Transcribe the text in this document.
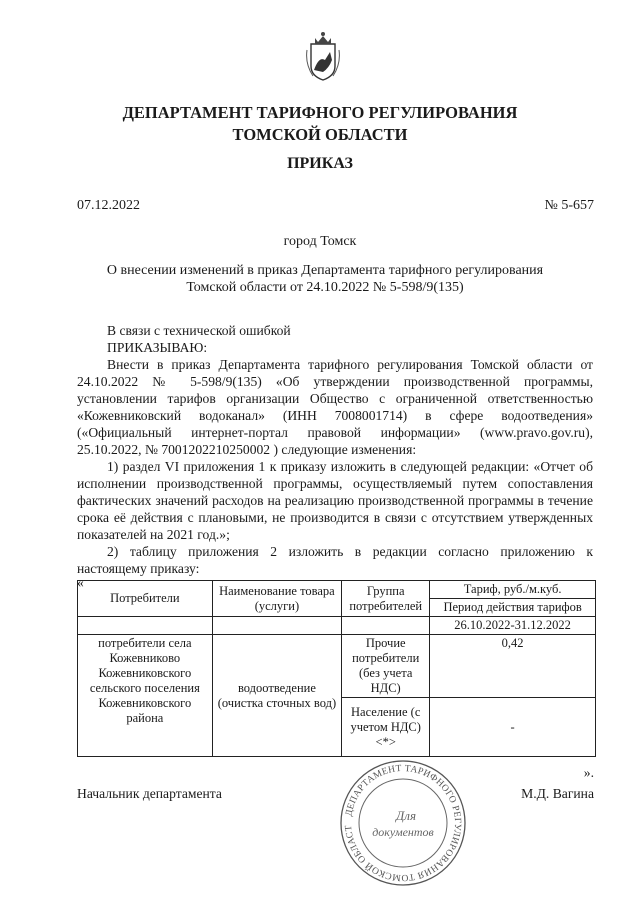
ДЕПАРТАМЕНТ ТАРИФНОГО РЕГУЛИРОВАНИЯ
ТОМСКОЙ ОБЛАСТИ
ПРИКАЗ
07.12.2022	№ 5-657
город Томск
О внесении изменений в приказ Департамента тарифного регулирования Томской области от 24.10.2022 № 5-598/9(135)
В связи с технической ошибкой
ПРИКАЗЫВАЮ:
Внести в приказ Департамента тарифного регулирования Томской области от 24.10.2022 № 5-598/9(135) «Об утверждении производственной программы, установлении тарифов организации Общество с ограниченной ответственностью «Кожевниковский водоканал» (ИНН 7008001714) в сфере водоотведения» («Официальный интернет-портал правовой информации» (www.pravo.gov.ru), 25.10.2022, № 7001202210250002 ) следующие изменения:
1) раздел VI приложения 1 к приказу изложить в следующей редакции: «Отчет об исполнении производственной программы, осуществляемый путем сопоставления фактических значений расходов на реализацию производственной программы в течение срока её действия с плановыми, не производится в связи с отсутствием утвержденных показателей на 2021 год.»;
2) таблицу приложения 2 изложить в редакции согласно приложению к настоящему приказу:
«
Потребители	Наименование товара (услуги)	Группа потребителей	Тариф, руб./м.куб.
			Период действия тарифов
			26.10.2022-31.12.2022
потребители села Кожевниково Кожевниковского сельского поселения Кожевниковского района	водоотведение (очистка сточных вод)	Прочие потребители (без учета НДС)	0,42
		Население (с учетом НДС)<*>	-
».
ДЕПАРТАМЕНТ ТАРИФНОГО РЕГУЛИРОВАНИЯ ТОМСКОЙ ОБЛАСТ
Для
документов
Начальник департамента	М.Д. Вагина
